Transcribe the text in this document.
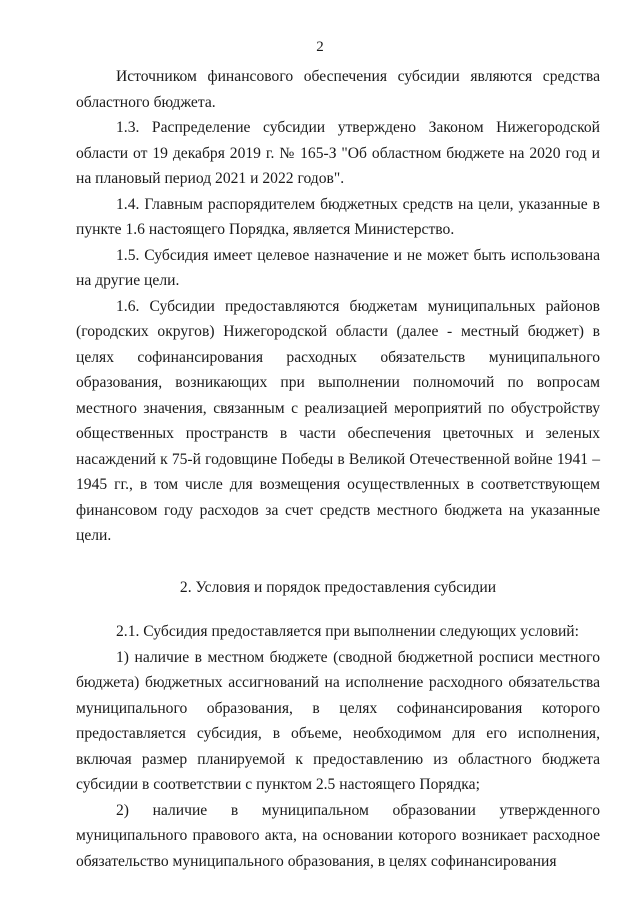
2

Источником финансового обеспечения субсидии являются средства областного бюджета.

1.3. Распределение субсидии утверждено Законом Нижегородской области от 19 декабря 2019 г. № 165-З "Об областном бюджете на 2020 год и на плановый период 2021 и 2022 годов".

1.4. Главным распорядителем бюджетных средств на цели, указанные в пункте 1.6 настоящего Порядка, является Министерство.

1.5. Субсидия имеет целевое назначение и не может быть использована на другие цели.

1.6. Субсидии предоставляются бюджетам муниципальных районов (городских округов) Нижегородской области (далее - местный бюджет) в целях софинансирования расходных обязательств муниципального образования, возникающих при выполнении полномочий по вопросам местного значения, связанным с реализацией мероприятий по обустройству общественных пространств в части обеспечения цветочных и зеленых насаждений к 75-й годовщине Победы в Великой Отечественной войне 1941 – 1945 гг., в том числе для возмещения осуществленных в соответствующем финансовом году расходов за счет средств местного бюджета на указанные цели.

2. Условия и порядок предоставления субсидии

2.1. Субсидия предоставляется при выполнении следующих условий:

1) наличие в местном бюджете (сводной бюджетной росписи местного бюджета) бюджетных ассигнований на исполнение расходного обязательства муниципального образования, в целях софинансирования которого предоставляется субсидия, в объеме, необходимом для его исполнения, включая размер планируемой к предоставлению из областного бюджета субсидии в соответствии с пунктом 2.5 настоящего Порядка;

2) наличие в муниципальном образовании утвержденного муниципального правового акта, на основании которого возникает расходное обязательство муниципального образования, в целях софинансирования
